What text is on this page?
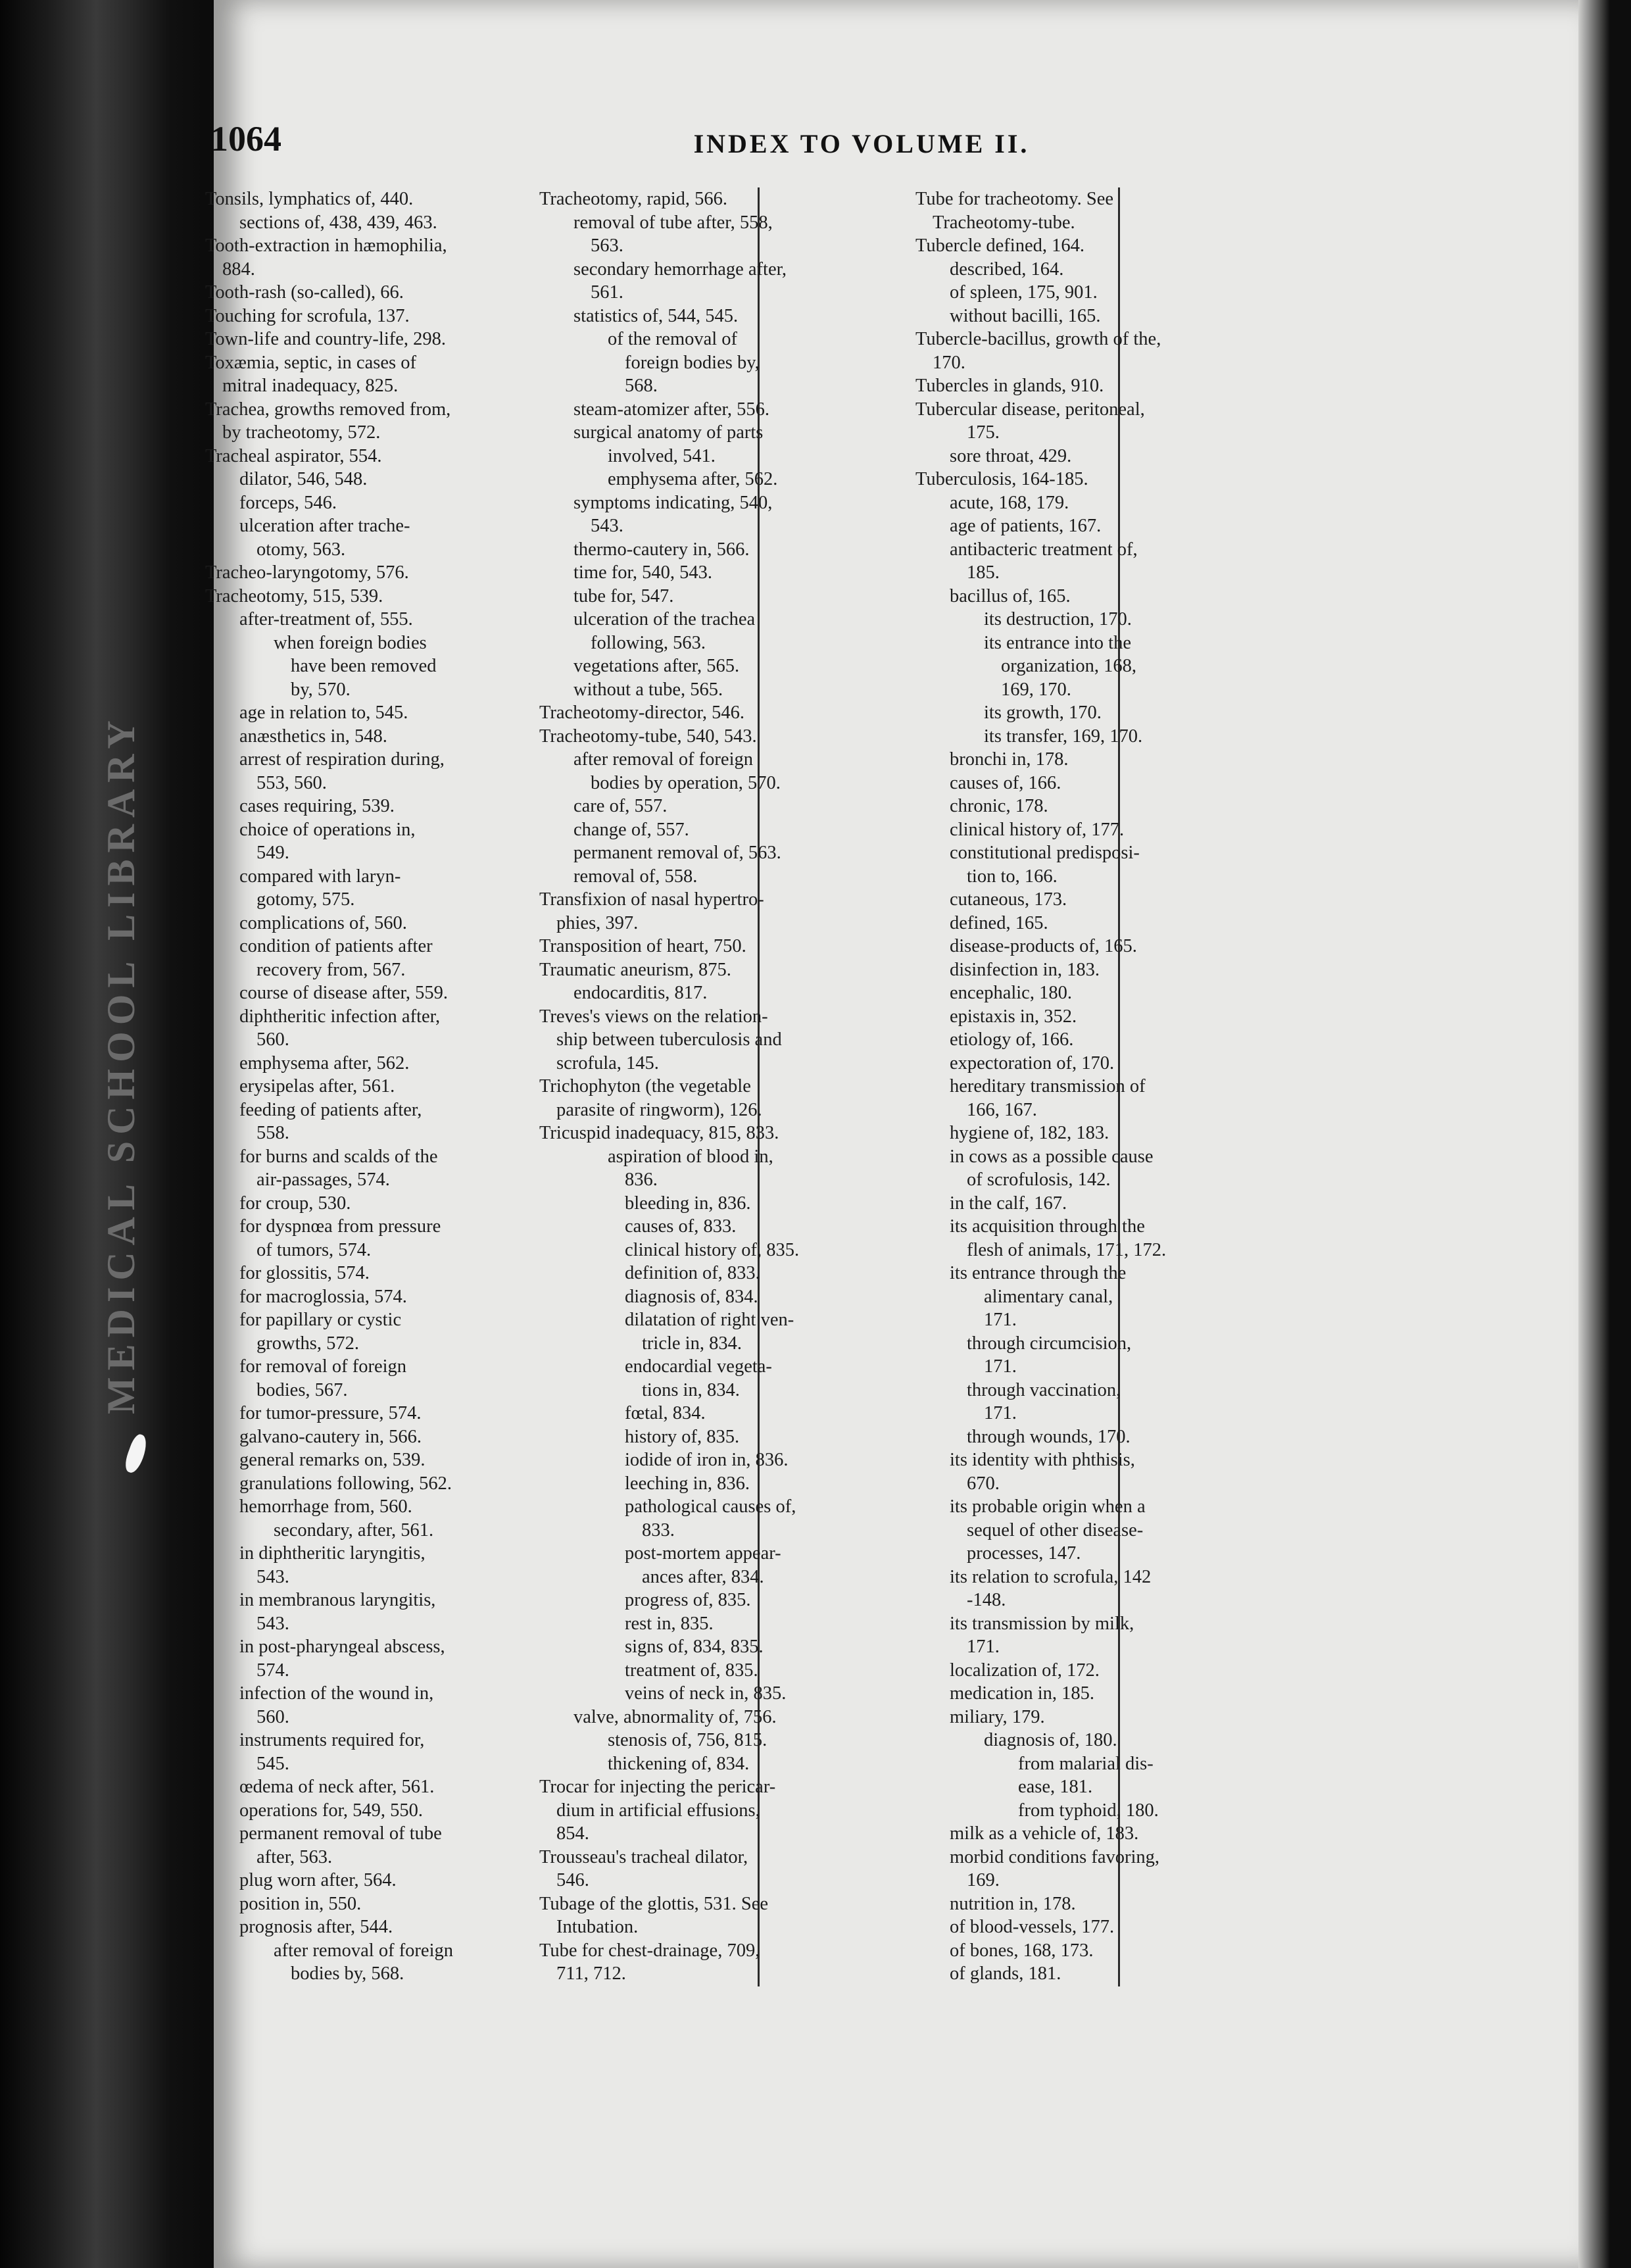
MEDICAL SCHOOL LIBRARY
1064	INDEX TO VOLUME II.
Tonsils, lymphatics of, 440.
sections of, 438, 439, 463.
Tooth-extraction in hæmophilia,
884.
Tooth-rash (so-called), 66.
Touching for scrofula, 137.
Town-life and country-life, 298.
Toxæmia, septic, in cases of
mitral inadequacy, 825.
Trachea, growths removed from,
by tracheotomy, 572.
Tracheal aspirator, 554.
dilator, 546, 548.
forceps, 546.
ulceration after trache-
otomy, 563.
Tracheo-laryngotomy, 576.
Tracheotomy, 515, 539.
after-treatment of, 555.
when foreign bodies
have been removed
by, 570.
age in relation to, 545.
anæsthetics in, 548.
arrest of respiration during,
553, 560.
cases requiring, 539.
choice of operations in,
549.
compared with laryn-
gotomy, 575.
complications of, 560.
condition of patients after
recovery from, 567.
course of disease after, 559.
diphtheritic infection after,
560.
emphysema after, 562.
erysipelas after, 561.
feeding of patients after,
558.
for burns and scalds of the
air-passages, 574.
for croup, 530.
for dyspnœa from pressure
of tumors, 574.
for glossitis, 574.
for macroglossia, 574.
for papillary or cystic
growths, 572.
for removal of foreign
bodies, 567.
for tumor-pressure, 574.
galvano-cautery in, 566.
general remarks on, 539.
granulations following, 562.
hemorrhage from, 560.
secondary, after, 561.
in diphtheritic laryngitis,
543.
in membranous laryngitis,
543.
in post-pharyngeal abscess,
574.
infection of the wound in,
560.
instruments required for,
545.
œdema of neck after, 561.
operations for, 549, 550.
permanent removal of tube
after, 563.
plug worn after, 564.
position in, 550.
prognosis after, 544.
after removal of foreign
bodies by, 568.
Tracheotomy, rapid, 566.
removal of tube after, 558,
563.
secondary hemorrhage after,
561.
statistics of, 544, 545.
of the removal of
foreign bodies by,
568.
steam-atomizer after, 556.
surgical anatomy of parts
involved, 541.
emphysema after, 562.
symptoms indicating, 540,
543.
thermo-cautery in, 566.
time for, 540, 543.
tube for, 547.
ulceration of the trachea
following, 563.
vegetations after, 565.
without a tube, 565.
Tracheotomy-director, 546.
Tracheotomy-tube, 540, 543.
after removal of foreign
bodies by operation, 570.
care of, 557.
change of, 557.
permanent removal of, 563.
removal of, 558.
Transfixion of nasal hypertro-
phies, 397.
Transposition of heart, 750.
Traumatic aneurism, 875.
endocarditis, 817.
Treves's views on the relation-
ship between tuberculosis and
scrofula, 145.
Trichophyton (the vegetable
parasite of ringworm), 126.
Tricuspid inadequacy, 815, 833.
aspiration of blood in,
836.
bleeding in, 836.
causes of, 833.
clinical history of, 835.
definition of, 833.
diagnosis of, 834.
dilatation of right ven-
tricle in, 834.
endocardial vegeta-
tions in, 834.
fœtal, 834.
history of, 835.
iodide of iron in, 836.
leeching in, 836.
pathological causes of,
833.
post-mortem appear-
ances after, 834.
progress of, 835.
rest in, 835.
signs of, 834, 835.
treatment of, 835.
veins of neck in, 835.
valve, abnormality of, 756.
stenosis of, 756, 815.
thickening of, 834.
Trocar for injecting the pericar-
dium in artificial effusions,
854.
Trousseau's tracheal dilator,
546.
Tubage of the glottis, 531. See
Intubation.
Tube for chest-drainage, 709,
711, 712.
Tube for tracheotomy. See
Tracheotomy-tube.
Tubercle defined, 164.
described, 164.
of spleen, 175, 901.
without bacilli, 165.
Tubercle-bacillus, growth of the,
170.
Tubercles in glands, 910.
Tubercular disease, peritoneal,
175.
sore throat, 429.
Tuberculosis, 164-185.
acute, 168, 179.
age of patients, 167.
antibacteric treatment of,
185.
bacillus of, 165.
its destruction, 170.
its entrance into the
organization, 168,
169, 170.
its growth, 170.
its transfer, 169, 170.
bronchi in, 178.
causes of, 166.
chronic, 178.
clinical history of, 177.
constitutional predisposi-
tion to, 166.
cutaneous, 173.
defined, 165.
disease-products of, 165.
disinfection in, 183.
encephalic, 180.
epistaxis in, 352.
etiology of, 166.
expectoration of, 170.
hereditary transmission of
166, 167.
hygiene of, 182, 183.
in cows as a possible cause
of scrofulosis, 142.
in the calf, 167.
its acquisition through the
flesh of animals, 171, 172.
its entrance through the
alimentary canal,
171.
through circumcision,
171.
through vaccination,
171.
through wounds, 170.
its identity with phthisis,
670.
its probable origin when a
sequel of other disease-
processes, 147.
its relation to scrofula, 142
-148.
its transmission by milk,
171.
localization of, 172.
medication in, 185.
miliary, 179.
diagnosis of, 180.
from malarial dis-
ease, 181.
from typhoid, 180.
milk as a vehicle of, 183.
morbid conditions favoring,
169.
nutrition in, 178.
of blood-vessels, 177.
of bones, 168, 173.
of glands, 181.
